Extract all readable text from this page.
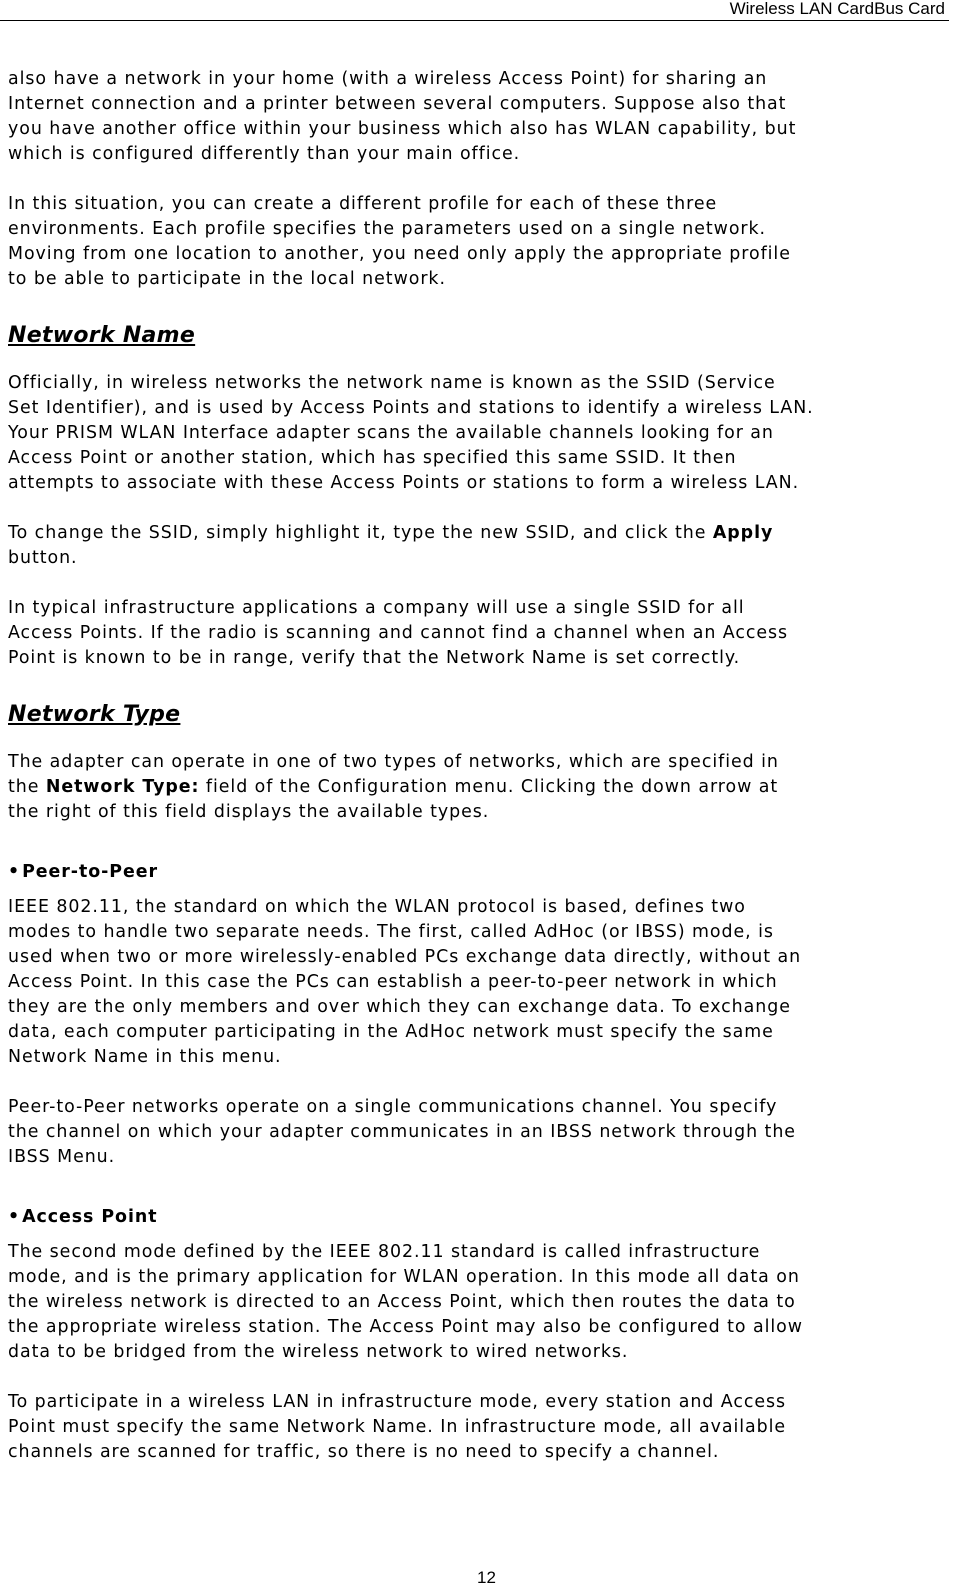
Wireless LAN CardBus Card
also have a network in your home (with a wireless Access Point) for sharing an
Internet connection and a printer between several computers. Suppose also that
you have another office within your business which also has WLAN capability, but
which is configured differently than your main office.
In this situation, you can create a different profile for each of these three
environments. Each profile specifies the parameters used on a single network.
Moving from one location to another, you need only apply the appropriate profile
to be able to participate in the local network.
Network Name
Officially, in wireless networks the network name is known as the SSID (Service
Set Identifier), and is used by Access Points and stations to identify a wireless LAN.
Your PRISM WLAN Interface adapter scans the available channels looking for an
Access Point or another station, which has specified this same SSID. It then
attempts to associate with these Access Points or stations to form a wireless LAN.
To change the SSID, simply highlight it, type the new SSID, and click the Apply
button.
In typical infrastructure applications a company will use a single SSID for all
Access Points. If the radio is scanning and cannot find a channel when an Access
Point is known to be in range, verify that the Network Name is set correctly.
Network Type
The adapter can operate in one of two types of networks, which are specified in
the Network Type: field of the Configuration menu. Clicking the down arrow at
the right of this field displays the available types.
• Peer-to-Peer
IEEE 802.11, the standard on which the WLAN protocol is based, defines two
modes to handle two separate needs. The first, called AdHoc (or IBSS) mode, is
used when two or more wirelessly-enabled PCs exchange data directly, without an
Access Point. In this case the PCs can establish a peer-to-peer network in which
they are the only members and over which they can exchange data. To exchange
data, each computer participating in the AdHoc network must specify the same
Network Name in this menu.
Peer-to-Peer networks operate on a single communications channel. You specify
the channel on which your adapter communicates in an IBSS network through the
IBSS Menu.
• Access Point
The second mode defined by the IEEE 802.11 standard is called infrastructure
mode, and is the primary application for WLAN operation. In this mode all data on
the wireless network is directed to an Access Point, which then routes the data to
the appropriate wireless station. The Access Point may also be configured to allow
data to be bridged from the wireless network to wired networks.
To participate in a wireless LAN in infrastructure mode, every station and Access
Point must specify the same Network Name. In infrastructure mode, all available
channels are scanned for traffic, so there is no need to specify a channel.
12
